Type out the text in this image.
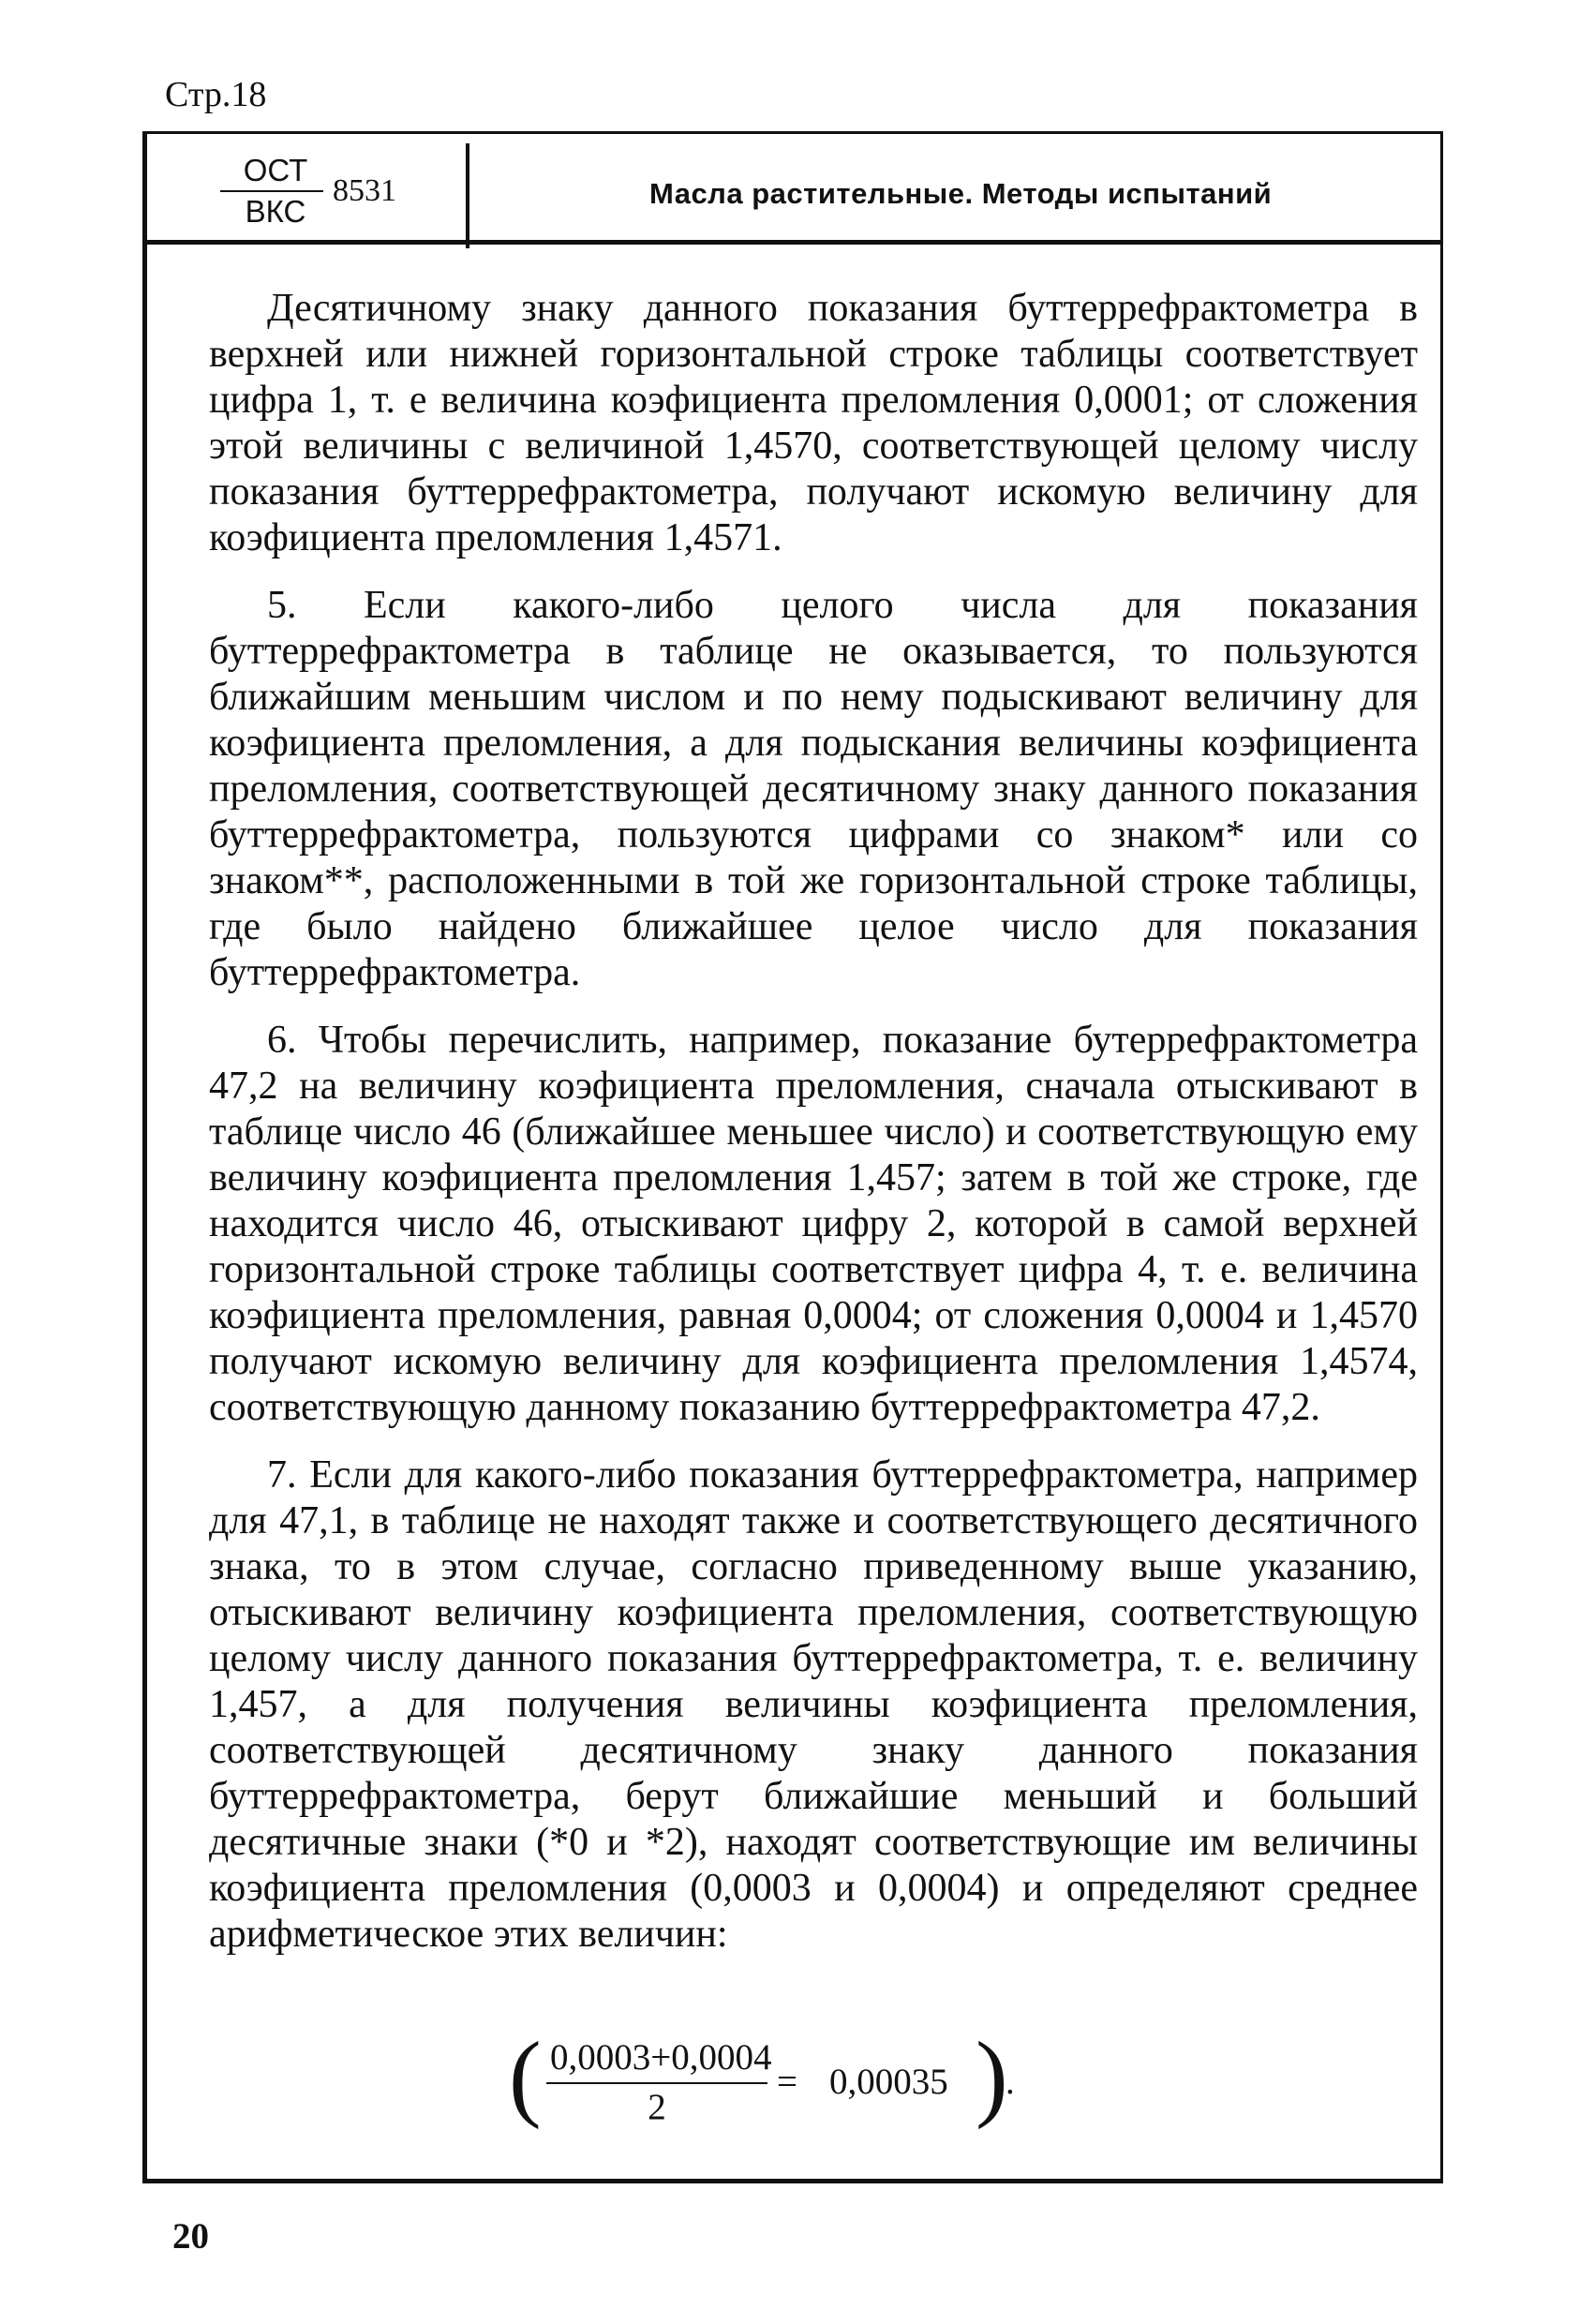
Стр.18
ОСТ
ВКС
8531	Масла растительные. Методы испытаний

Десятичному знаку данного показания буттеррефрактометра в верхней или нижней горизонтальной строке таблицы соответствует цифра 1, т. е величина коэфициента преломления 0,0001; от сложения этой величины с величиной 1,4570, соответствующей целому числу показания буттеррефрактометра, получают искомую величину для коэфициента преломления 1,4571.

5. Если какого-либо целого числа для показания буттеррефрактометра в таблице не оказывается, то пользуются ближайшим меньшим числом и по нему подыскивают величину для коэфициента преломления, а для подыскания величины коэфициента преломления, соответствующей десятичному знаку данного показания буттеррефрактометра, пользуются цифрами со знаком* или со знаком**, расположенными в той же горизонтальной строке таблицы, где было найдено ближайшее целое число для показания буттеррефрактометра.

6. Чтобы перечислить, например, показание бутеррефрактометра 47,2 на величину коэфициента преломления, сначала отыскивают в таблице число 46 (ближайшее меньшее число) и соответствующую ему величину коэфициента преломления 1,457; затем в той же строке, где находится число 46, отыскивают цифру 2, которой в самой верхней горизонтальной строке таблицы соответствует цифра 4, т. е. величина коэфициента преломления, равная 0,0004; от сложения 0,0004 и 1,4570 получают искомую величину для коэфициента преломления 1,4574, соответствующую данному показанию буттеррефрактометра 47,2.

7. Если для какого-либо показания буттеррефрактометра, например для 47,1, в таблице не находят также и соответствующего десятичного знака, то в этом случае, согласно приведенному выше указанию, отыскивают величину коэфициента преломления, соответствующую целому числу данного показания буттеррефрактометра, т. е. величину 1,457, а для получения величины коэфициента преломления, соответствующей десятичному знаку данного показания буттеррефрактометра, берут ближайшие меньший и больший десятичные знаки (*0 и *2), находят соответствующие им величины коэфициента преломления (0,0003 и 0,0004) и определяют среднее арифметическое этих величин:

( 0,0003+0,0004
2
= 0,00035 )
.
20
